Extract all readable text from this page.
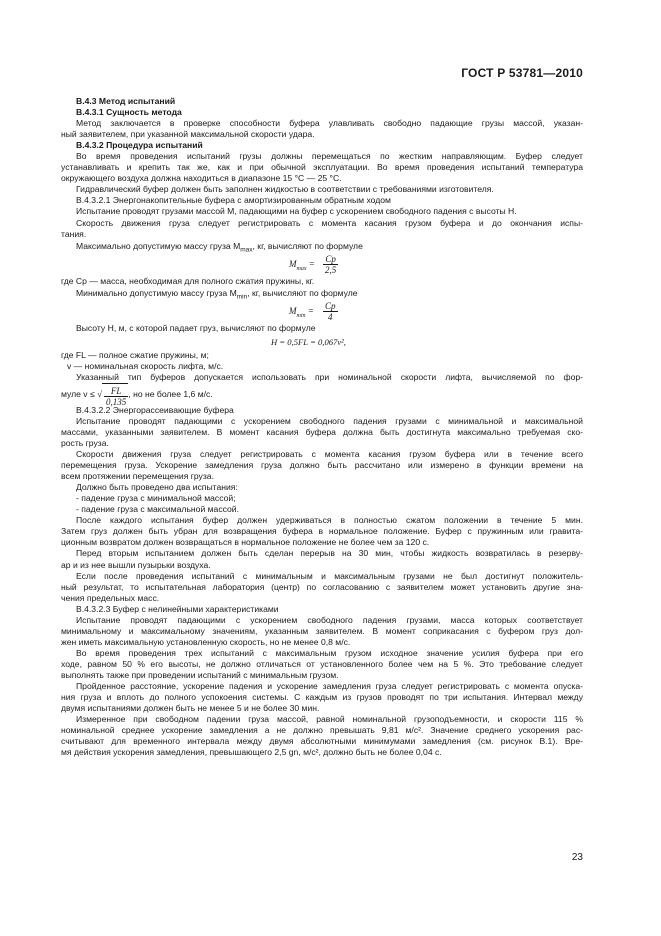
ГОСТ Р 53781—2010
B.4.3 Метод испытаний
B.4.3.1 Сущность метода
Метод заключается в проверке способности буфера улавливать свободно падающие грузы массой, указан-
ный заявителем, при указанной максимальной скорости удара.
B.4.3.2 Процедура испытаний
Во время проведения испытаний грузы должны перемещаться по жестким направляющим. Буфер следует
устанавливать и крепить так же, как и при обычной эксплуатации. Во время проведения испытаний температура
окружающего воздуха должна находиться в диапазоне 15 °С — 25 °С.
Гидравлический буфер должен быть заполнен жидкостью в соответствии с требованиями изготовителя.
B.4.3.2.1 Энергонакопительные буфера с амортизированным обратным ходом
Испытание проводят грузами массой M, падающими на буфер с ускорением свободного падения с высоты H.
Скорость движения груза следует регистрировать с момента касания грузом буфера и до окончания испы-
тания.
Максимально допустимую массу груза $M_{max}$, кг, вычисляют по формуле
$M_{max} = \frac{Cp}{2,5}$
где Cp — масса, необходимая для полного сжатия пружины, кг.
Минимально допустимую массу груза $M_{min}$, кг, вычисляют по формуле
$M_{min} = \frac{Cp}{4}$
Высоту H, м, с которой падает груз, вычисляют по формуле
H = 0,5FL = 0,067v²,
где FL — полное сжатие пружины, м;
v — номинальная скорость лифта, м/с.
Указанный тип буферов допускается использовать при номинальной скорости лифта, вычисляемой по фор-
муле v ≤ √ $\frac{FL}{0,135}$ , но не более 1,6 м/с.
B.4.3.2.2 Энергорассеивающие буфера
Испытание проводят падающими с ускорением свободного падения грузами с минимальной и максимальной
массами, указанными заявителем. В момент касания буфера должна быть достигнута максимально требуемая ско-
рость груза.
Скорости движения груза следует регистрировать с момента касания грузом буфера или в течение всего
перемещения груза. Ускорение замедления груза должно быть рассчитано или измерено в функции времени на
всем протяжении перемещения груза.
Должно быть проведено два испытания:
- падение груза с минимальной массой;
- падение груза с максимальной массой.
После каждого испытания буфер должен удерживаться в полностью сжатом положении в течение 5 мин.
Затем груз должен быть убран для возвращения буфера в нормальное положение. Буфер с пружинным или гравита-
ционным возвратом должен возвращаться в нормальное положение не более чем за 120 с.
Перед вторым испытанием должен быть сделан перерыв на 30 мин, чтобы жидкость возвратилась в резерву-
ар и из нее вышли пузырьки воздуха.
Если после проведения испытаний с минимальным и максимальным грузами не был достигнут положитель-
ный результат, то испытательная лаборатория (центр) по согласованию с заявителем может установить другие зна-
чения предельных масс.
B.4.3.2.3 Буфер с нелинейными характеристиками
Испытание проводят падающими с ускорением свободного падения грузами, масса которых соответствует
минимальному и максимальному значениям, указанным заявителем. В момент соприкасания с буфером груз дол-
жен иметь максимальную установленную скорость, но не менее 0,8 м/с.
Во время проведения трех испытаний с максимальным грузом исходное значение усилия буфера при его
ходе, равном 50 % его высоты, не должно отличаться от установленного более чем на 5 %. Это требование следует
выполнять также при проведении испытаний с минимальным грузом.
Пройденное расстояние, ускорение падения и ускорение замедления груза следует регистрировать с момента опуска-
ния груза и вплоть до полного успокоения системы. С каждым из грузов проводят по три испытания. Интервал между
двумя испытаниями должен быть не менее 5 и не более 30 мин.
Измеренное при свободном падении груза массой, равной номинальной грузоподъемности, и скорости 115 %
номинальной среднее ускорение замедления a не должно превышать 9,81 м/с². Значение среднего ускорения рас-
считывают для временного интервала между двумя абсолютными минимумами замедления (см. рисунок B.1). Вре-
мя действия ускорения замедления, превышающего 2,5 gn, м/с², должно быть не более 0,04 с.
23
